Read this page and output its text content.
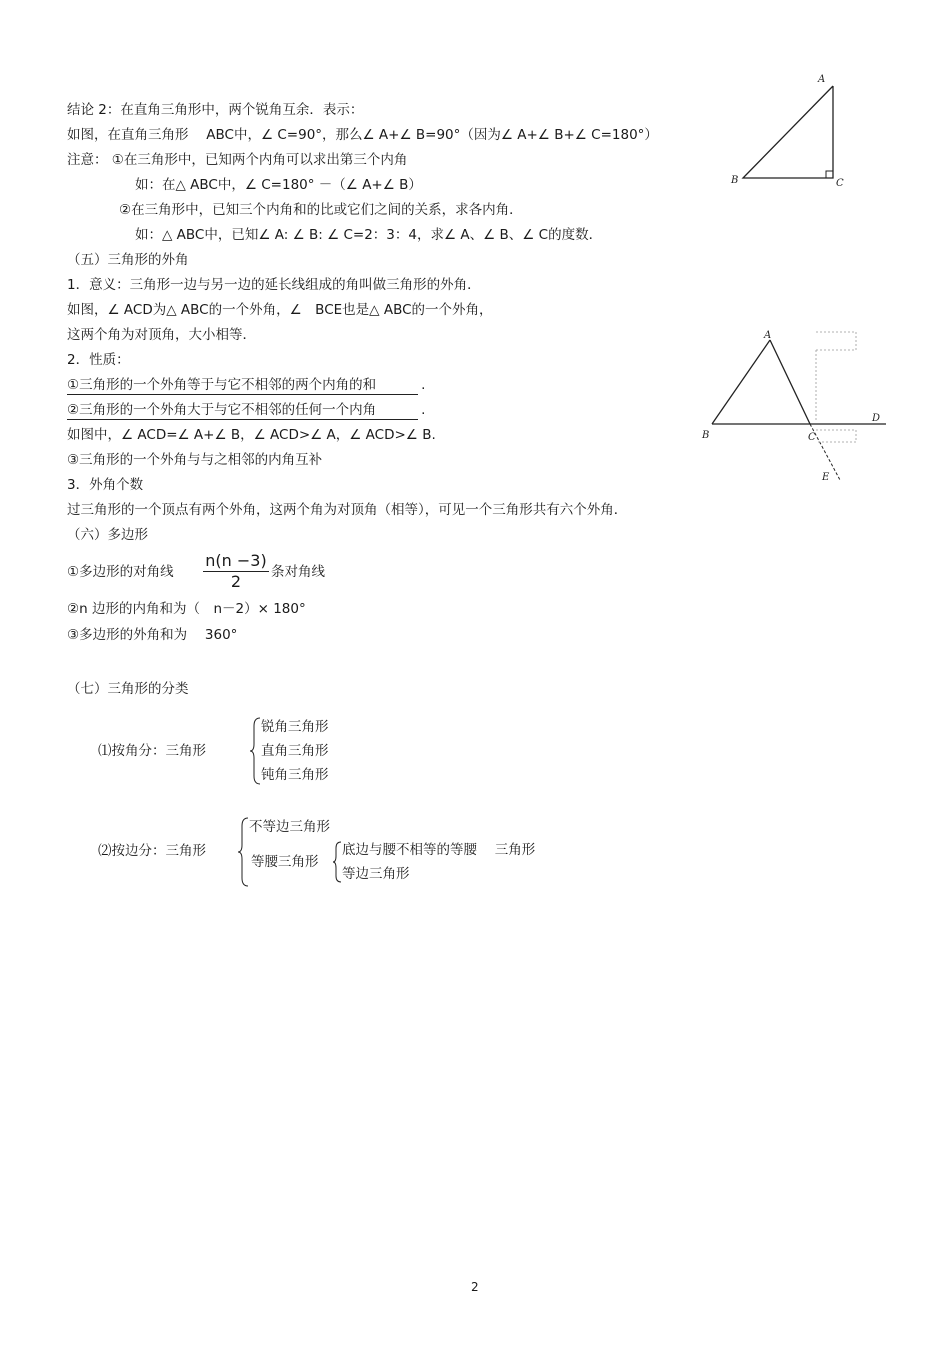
A
B	C
A
B	C
D
E
结论 2：在直角三角形中，两个锐角互余．表示：
如图，在直角三角形　 ABC中，∠ C=90°，那么∠ A+∠ B=90°（因为∠ A+∠ B+∠ C=180°）
注意： ①在三角形中，已知两个内角可以求出第三个内角
如：在△ ABC中，∠ C=180° －（∠ A+∠ B）
②在三角形中，已知三个内角和的比或它们之间的关系，求各内角．
如：△ ABC中，已知∠ A: ∠ B: ∠ C=2：3：4，求∠ A、∠ B、∠ C的度数．
（五）三角形的外角
1．意义：三角形一边与另一边的延长线组成的角叫做三角形的外角．
如图，∠ ACD为△ ABC的一个外角，∠　BCE也是△ ABC的一个外角，
这两个角为对顶角，大小相等．
2．性质：
①三角形的一个外角等于与它不相邻的两个内角的和	.
②三角形的一个外角大于与它不相邻的任何一个内角	.
如图中，∠ ACD=∠ A+∠ B，∠ ACD>∠ A，∠ ACD>∠ B.
③三角形的一个外角与与之相邻的内角互补
3．外角个数
过三角形的一个顶点有两个外角，这两个角为对顶角（相等），可见一个三角形共有六个外角．
（六）多边形
①多边形的对角线 $\frac{n(n -3)}{2}$ 条对角线
②n 边形的内角和为（　n－2）× 180°
③多边形的外角和为　 360°
（七）三角形的分类
⑴按角分：三角形
锐角三角形
直角三角形
钝角三角形
⑵按边分：三角形
不等边三角形
等腰三角形
底边与腰不相等的等腰　 三角形
等边三角形
2
